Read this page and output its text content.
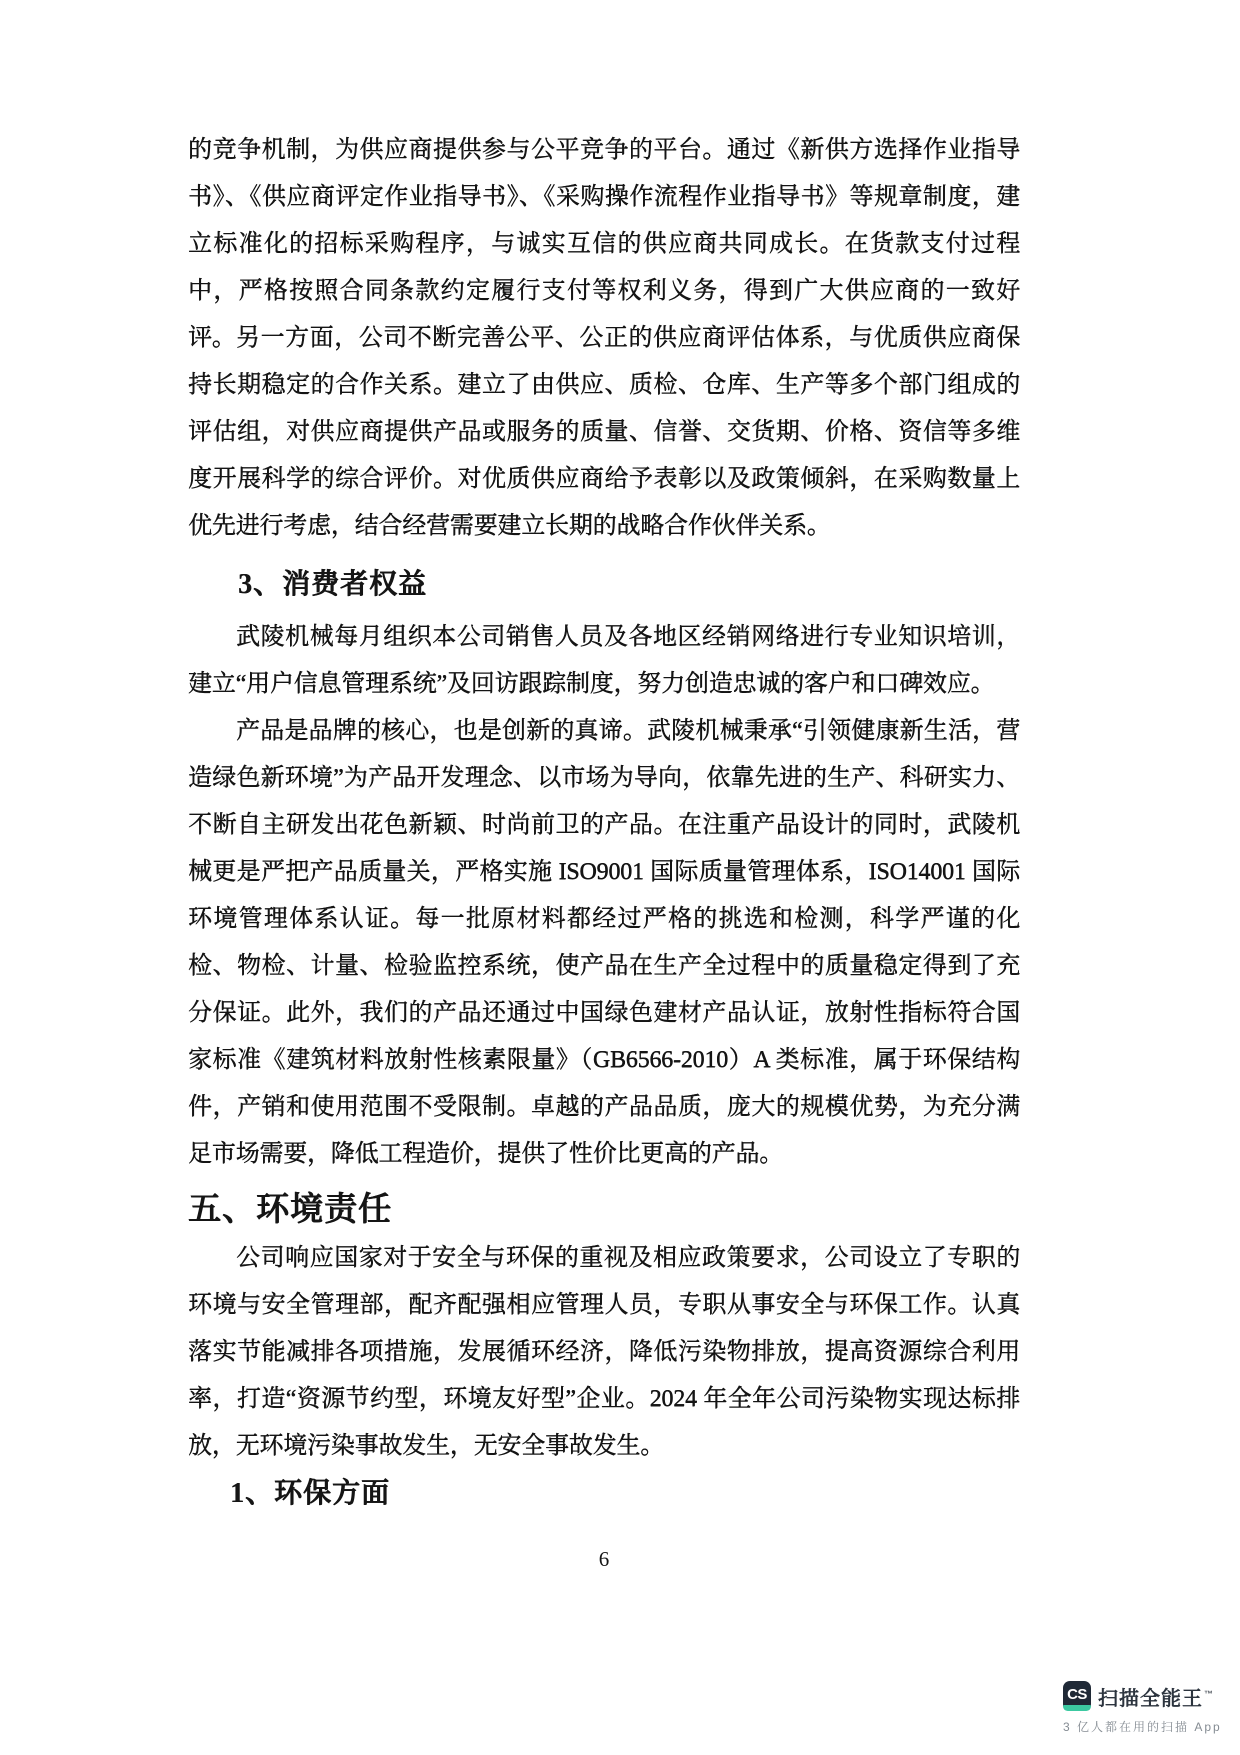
的竞争机制，为供应商提供参与公平竞争的平台。通过《新供方选择作业指导书》、《供应商评定作业指导书》、《采购操作流程作业指导书》等规章制度，建立标准化的招标采购程序，与诚实互信的供应商共同成长。在货款支付过程中，严格按照合同条款约定履行支付等权利义务，得到广大供应商的一致好评。 另一方面，公司不断完善公平、公正的供应商评估体系，与优质供应商保持长期稳定的合作关系。建立了由供应、质检、仓库、生产等多个部门组成的评估组，对供应商提供产品或服务的质量、信誉、交货期、价格、资信等多维度开展科学的综合评价。对优质供应商给予表彰以及政策倾斜，在采购数量上优先进行考虑，结合经营需要建立长期的战略合作伙伴关系。
3、消费者权益
武陵机械每月组织本公司销售人员及各地区经销网络进行专业知识培训，建立“用户信息管理系统”及回访跟踪制度，努力创造忠诚的客户和口碑效应。
产品是品牌的核心，也是创新的真谛。武陵机械秉承“引领健康新生活，营造绿色新环境”为产品开发理念、以市场为导向，依靠先进的生产、科研实力、不断自主研发出花色新颖、时尚前卫的产品。在注重产品设计的同时，武陵机械更是严把产品质量关，严格实施 ISO9001 国际质量管理体系，ISO14001 国际环境管理体系认证。每一批原材料都经过严格的挑选和检测，科学严谨的化检、物检、计量、检验监控系统，使产品在生产全过程中的质量稳定得到了充分保证。此外，我们的产品还通过中国绿色建材产品认证，放射性指标符合国家标准《建筑材料放射性核素限量》（GB6566-2010）A 类标准，属于环保结构件，产销和使用范围不受限制。卓越的产品品质，庞大的规模优势，为充分满足市场需要，降低工程造价，提供了性价比更高的产品。
五、环境责任
公司响应国家对于安全与环保的重视及相应政策要求，公司设立了专职的环境与安全管理部，配齐配强相应管理人员，专职从事安全与环保工作。认真落实节能减排各项措施，发展循环经济，降低污染物排放，提高资源综合利用率，打造“资源节约型，环境友好型”企业。2024 年全年公司污染物实现达标排放，无环境污染事故发生，无安全事故发生。
1、环保方面
6
CS 扫描全能王™
3 亿人都在用的扫描 App
